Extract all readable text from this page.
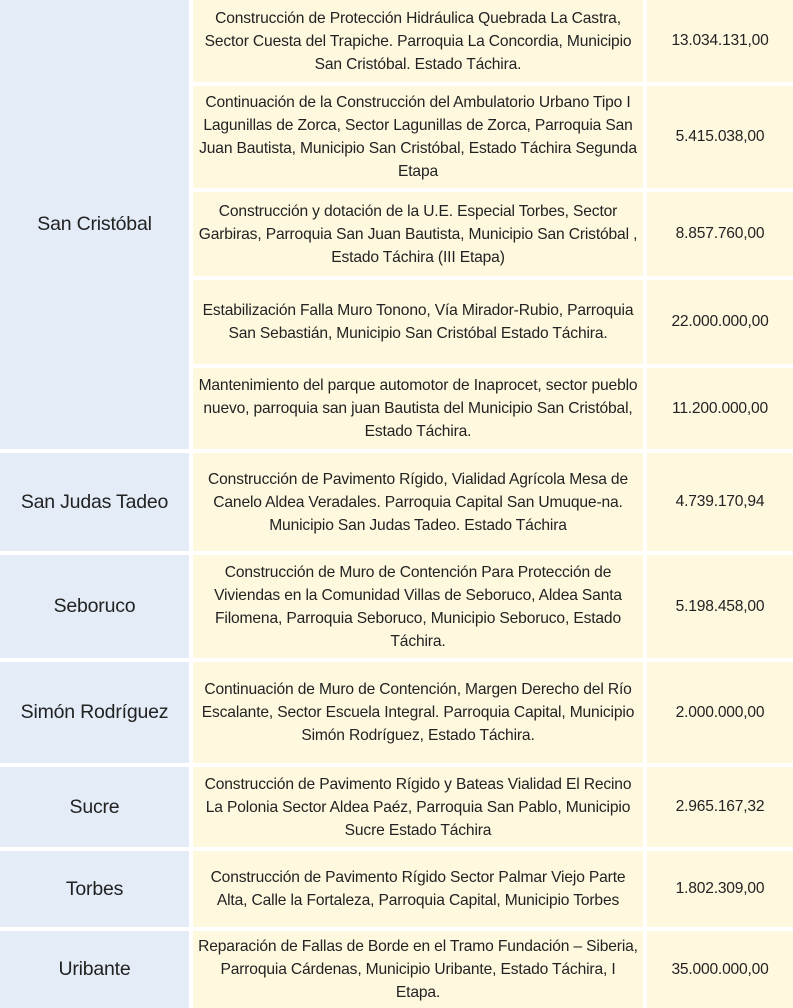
San Cristóbal
San Judas Tadeo
Seboruco
Simón Rodríguez
Sucre
Torbes
Uribante
Construcción de Protección Hidráulica Quebrada La Castra, Sector Cuesta del Trapiche. Parroquia La Concordia, Municipio San Cristóbal. Estado Táchira.
Continuación de la Construcción del Ambulatorio Urbano Tipo I Lagunillas de Zorca, Sector Lagunillas de Zorca, Parroquia San Juan Bautista, Municipio San Cristóbal, Estado Táchira Segunda Etapa
Construcción y dotación de la U.E. Especial Torbes, Sector Garbiras, Parroquia San Juan Bautista, Municipio San Cristóbal , Estado Táchira (III Etapa)
Estabilización Falla Muro Tonono, Vía Mirador-Rubio, Parroquia San Sebastián, Municipio San Cristóbal Estado Táchira.
Mantenimiento del parque automotor de Inaprocet, sector pueblo nuevo, parroquia san juan Bautista del Municipio San Cristóbal, Estado Táchira.
Construcción de Pavimento Rígido, Vialidad Agrícola Mesa de Canelo Aldea Veradales. Parroquia Capital San Umuque-na. Municipio San Judas Tadeo. Estado Táchira
Construcción de Muro de Contención Para Protección de Viviendas en la Comunidad Villas de Seboruco, Aldea Santa Filomena, Parroquia Seboruco, Municipio Seboruco, Estado Táchira.
Continuación de Muro de Contención, Margen Derecho del Río Escalante, Sector Escuela Integral. Parroquia Capital, Municipio Simón Rodríguez, Estado Táchira.
Construcción de Pavimento Rígido y Bateas Vialidad El Recino La Polonia Sector Aldea Paéz, Parroquia San Pablo, Municipio Sucre Estado Táchira
Construcción de Pavimento Rígido Sector Palmar Viejo Parte Alta, Calle la Fortaleza, Parroquia Capital, Municipio Torbes
Reparación de Fallas de Borde en el Tramo Fundación – Siberia, Parroquia Cárdenas, Municipio Uribante, Estado Táchira, I Etapa.
13.034.131,00
5.415.038,00
8.857.760,00
22.000.000,00
11.200.000,00
4.739.170,94
5.198.458,00
2.000.000,00
2.965.167,32
1.802.309,00
35.000.000,00
